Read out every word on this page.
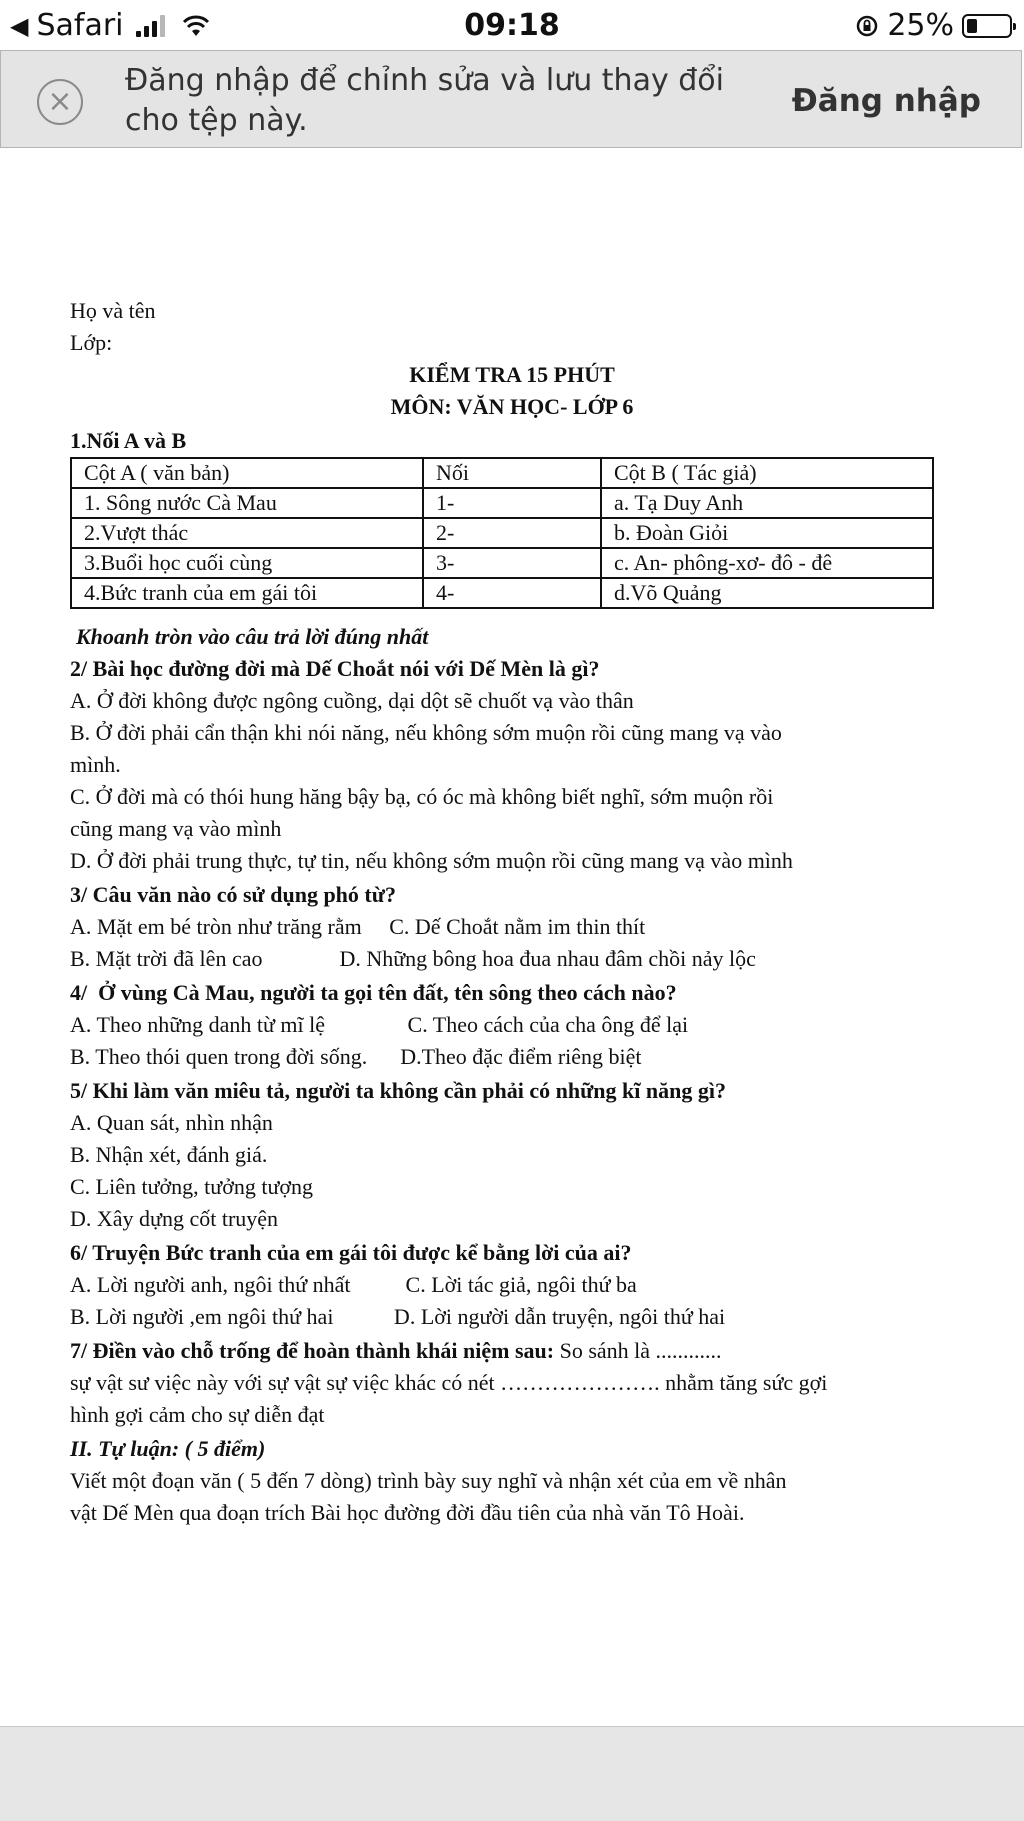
◀ Safari	09:18	25%
×
Đăng nhập để chỉnh sửa và lưu thay đổi cho tệp này.
Đăng nhập
Họ và tên
Lớp:
KIỂM TRA 15 PHÚT
MÔN: VĂN HỌC- LỚP 6
1.Nối A và B
Cột A ( văn bản)	Nối	Cột B ( Tác giả)
1. Sông nước Cà Mau	1-	a. Tạ Duy Anh
2.Vượt thác	2-	b. Đoàn Giỏi
3.Buổi học cuối cùng	3-	c. An- phông-xơ- đô - đê
4.Bức tranh của em gái tôi	4-	d.Võ Quảng
Khoanh tròn vào câu trả lời đúng nhất
2/ Bài học đường đời mà Dế Choắt nói với Dế Mèn là gì?
A. Ở đời không được ngông cuồng, dại dột sẽ chuốt vạ vào thân
B. Ở đời phải cẩn thận khi nói năng, nếu không sớm muộn rồi cũng mang vạ vào
mình.
C. Ở đời mà có thói hung hăng bậy bạ, có óc mà không biết nghĩ, sớm muộn rồi
cũng mang vạ vào mình
D. Ở đời phải trung thực, tự tin, nếu không sớm muộn rồi cũng mang vạ vào mình
3/ Câu văn nào có sử dụng phó từ?
A. Mặt em bé tròn như trăng rằm     C. Dế Choắt nằm im thin thít
B. Mặt trời đã lên cao              D. Những bông hoa đua nhau đâm chồi nảy lộc
4/  Ở vùng Cà Mau, người ta gọi tên đất, tên sông theo cách nào?
A. Theo những danh từ mĩ lệ               C. Theo cách của cha ông để lại
B. Theo thói quen trong đời sống.      D.Theo đặc điểm riêng biệt
5/ Khi làm văn miêu tả, người ta không cần phải có những kĩ năng gì?
A. Quan sát, nhìn nhận
B. Nhận xét, đánh giá.
C. Liên tưởng, tưởng tượng
D. Xây dựng cốt truyện
6/ Truyện Bức tranh của em gái tôi được kể bằng lời của ai?
A. Lời người anh, ngôi thứ nhất          C. Lời tác giả, ngôi thứ ba
B. Lời người ,em ngôi thứ hai           D. Lời người dẫn truyện, ngôi thứ hai
7/ Điền vào chỗ trống để hoàn thành khái niệm sau: So sánh là ............
sự vật sư việc này với sự vật sự việc khác có nét …………………. nhằm tăng sức gợi
hình gợi cảm cho sự diễn đạt
II. Tự luận: ( 5 điểm)
Viết một đoạn văn ( 5 đến 7 dòng) trình bày suy nghĩ và nhận xét của em về nhân
vật Dế Mèn qua đoạn trích Bài học đường đời đầu tiên của nhà văn Tô Hoài.
